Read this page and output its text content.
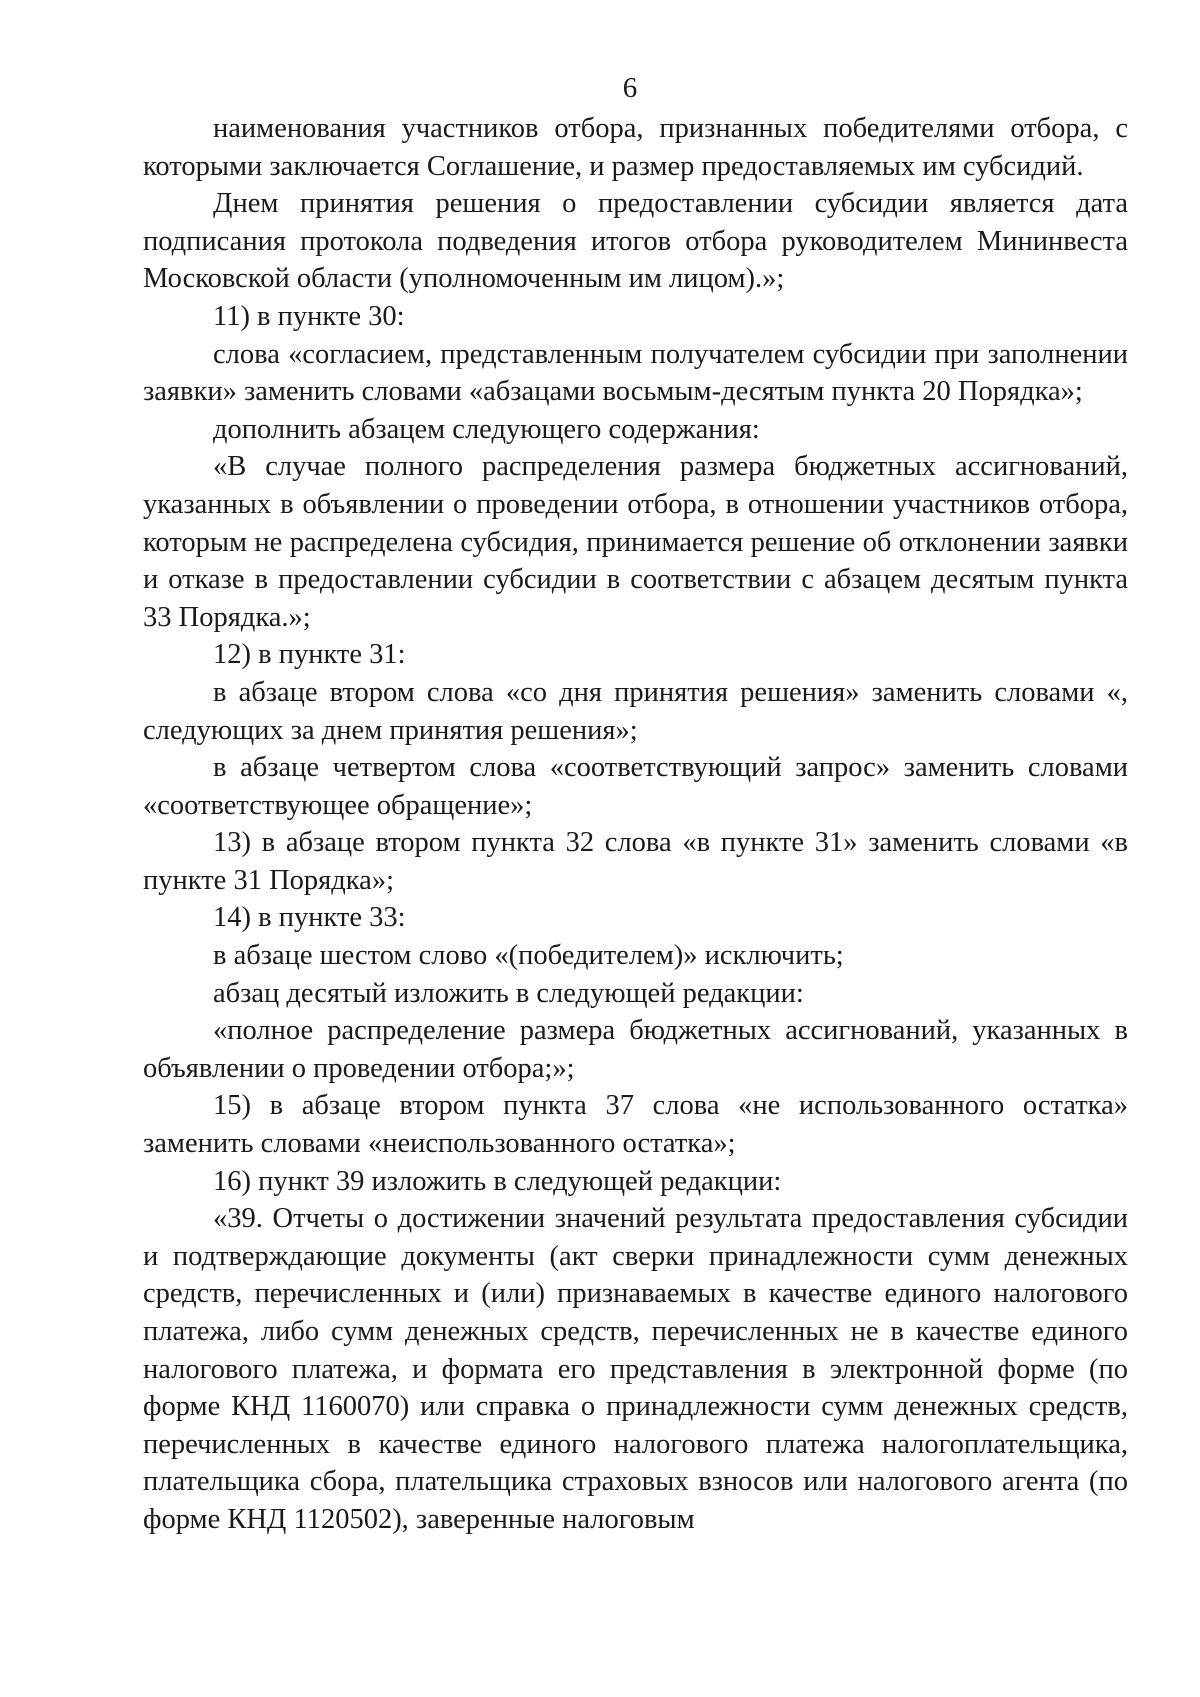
6

наименования участников отбора, признанных победителями отбора, с которыми заключается Соглашение, и размер предоставляемых им субсидий.

Днем принятия решения о предоставлении субсидии является дата подписания протокола подведения итогов отбора руководителем Мининвеста Московской области (уполномоченным им лицом).»;

11) в пункте 30:

слова «согласием, представленным получателем субсидии при заполнении заявки» заменить словами «абзацами восьмым-десятым пункта 20 Порядка»;

дополнить абзацем следующего содержания:

«В случае полного распределения размера бюджетных ассигнований, указанных в объявлении о проведении отбора, в отношении участников отбора, которым не распределена субсидия, принимается решение об отклонении заявки и отказе в предоставлении субсидии в соответствии с абзацем десятым пункта 33 Порядка.»;

12) в пункте 31:

в абзаце втором слова «со дня принятия решения» заменить словами «, следующих за днем принятия решения»;

в абзаце четвертом слова «соответствующий запрос» заменить словами «соответствующее обращение»;

13) в абзаце втором пункта 32 слова «в пункте 31» заменить словами «в пункте 31 Порядка»;

14) в пункте 33:

в абзаце шестом слово «(победителем)» исключить;

абзац десятый изложить в следующей редакции:

«полное распределение размера бюджетных ассигнований, указанных в объявлении о проведении отбора;»;

15) в абзаце втором пункта 37 слова «не использованного остатка» заменить словами «неиспользованного остатка»;

16) пункт 39 изложить в следующей редакции:

«39. Отчеты о достижении значений результата предоставления субсидии и подтверждающие документы (акт сверки принадлежности сумм денежных средств, перечисленных и (или) признаваемых в качестве единого налогового платежа, либо сумм денежных средств, перечисленных не в качестве единого налогового платежа, и формата его представления в электронной форме (по форме КНД 1160070) или справка о принадлежности сумм денежных средств, перечисленных в качестве единого налогового платежа налогоплательщика, плательщика сбора, плательщика страховых взносов или налогового агента (по форме КНД 1120502), заверенные налоговым
